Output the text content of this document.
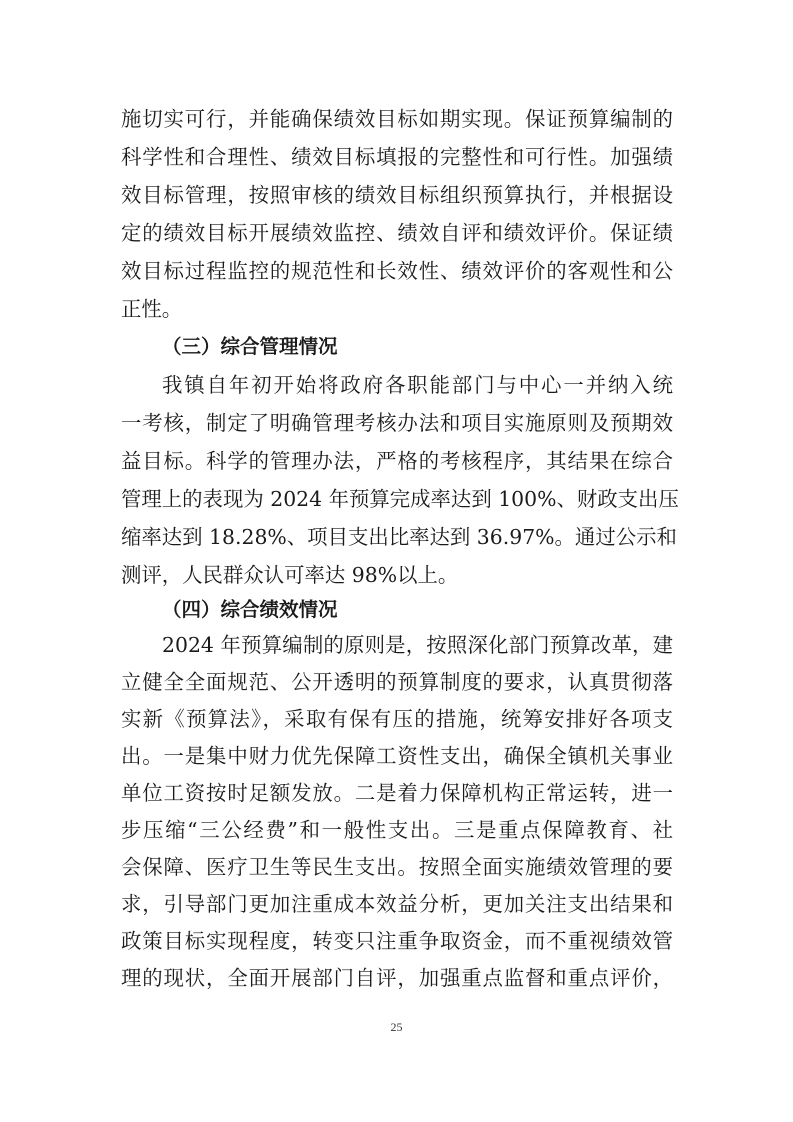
施切实可行，并能确保绩效目标如期实现。保证预算编制的
科学性和合理性、绩效目标填报的完整性和可行性。加强绩
效目标管理，按照审核的绩效目标组织预算执行，并根据设
定的绩效目标开展绩效监控、绩效自评和绩效评价。保证绩
效目标过程监控的规范性和长效性、绩效评价的客观性和公
正性。
（三）综合管理情况
我镇自年初开始将政府各职能部门与中心一并纳入统
一考核，制定了明确管理考核办法和项目实施原则及预期效
益目标。科学的管理办法，严格的考核程序，其结果在综合
管理上的表现为 2024 年预算完成率达到 100%、财政支出压
缩率达到 18.28%、项目支出比率达到 36.97%。通过公示和
测评，人民群众认可率达 98%以上。
（四）综合绩效情况
2024 年预算编制的原则是，按照深化部门预算改革，建
立健全全面规范、公开透明的预算制度的要求，认真贯彻落
实新《预算法》，采取有保有压的措施，统筹安排好各项支
出。一是集中财力优先保障工资性支出，确保全镇机关事业
单位工资按时足额发放。二是着力保障机构正常运转，进一
步压缩“三公经费”和一般性支出。三是重点保障教育、社
会保障、医疗卫生等民生支出。按照全面实施绩效管理的要
求，引导部门更加注重成本效益分析，更加关注支出结果和
政策目标实现程度，转变只注重争取资金，而不重视绩效管
理的现状，全面开展部门自评，加强重点监督和重点评价，
25
